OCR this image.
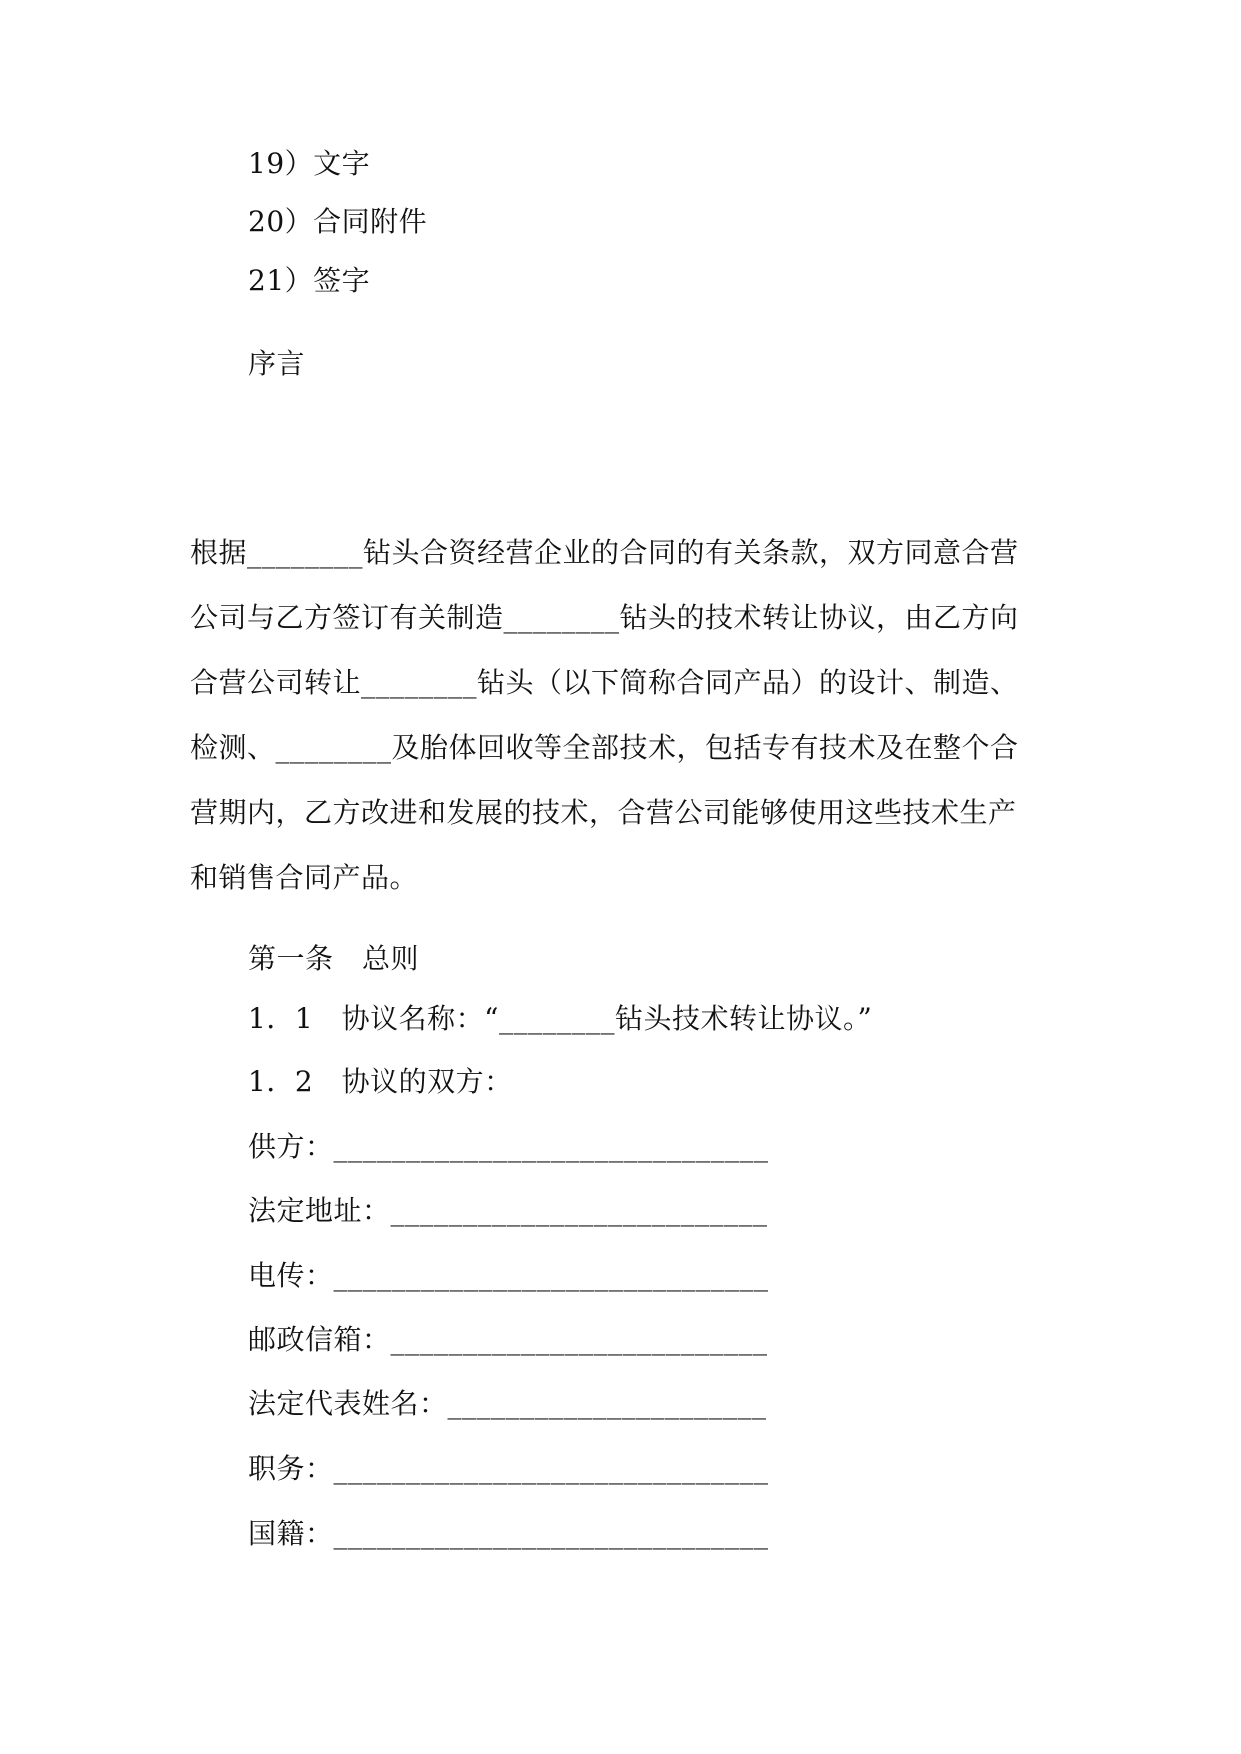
19）文字
20）合同附件
21）签字
序言
根据________钻头合资经营企业的合同的有关条款，双方同意合营
公司与乙方签订有关制造________钻头的技术转让协议，由乙方向
合营公司转让________钻头（以下简称合同产品）的设计、制造、
检测、________及胎体回收等全部技术，包括专有技术及在整个合
营期内，乙方改进和发展的技术，合营公司能够使用这些技术生产
和销售合同产品。
第一条　总则
1．1　协议名称：“________钻头技术转让协议。”
1．2　协议的双方：
供方：______________________________
法定地址：__________________________
电传：______________________________
邮政信箱：__________________________
法定代表姓名：______________________
职务：______________________________
国籍：______________________________
